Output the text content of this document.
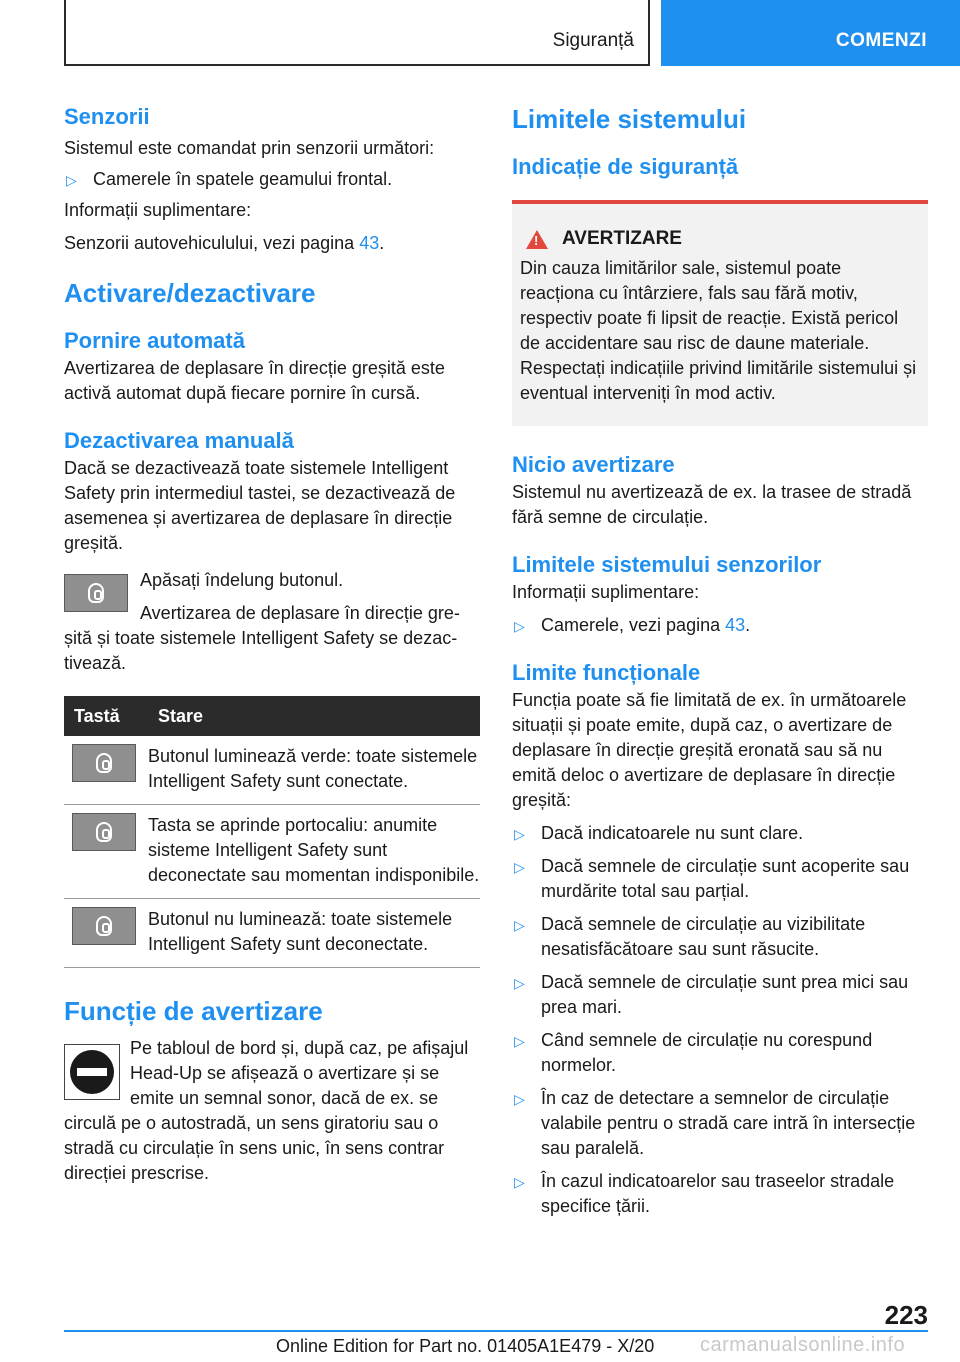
Siguranță	COMENZI
Senzorii

Sistemul este comandat prin senzorii următori:

▷ Camerele în spatele geamului frontal.

Informații suplimentare:

Senzorii autovehiculului, vezi pagina 43.

Activare/dezactivare
Pornire automată

Avertizarea de deplasare în direcție greșită este activă automat după fiecare pornire în cursă.

Dezactivarea manuală

Dacă se dezactivează toate sistemele Intelligent Safety prin intermediul tastei, se dezactivează de asemenea și avertizarea de deplasare în direcție greșită.

Apăsați îndelung butonul.

Avertizarea de deplasare în direcție gre-

șită și toate sistemele Intelligent Safety se dezac-

tivează.

Tastă	Stare

	Butonul luminează verde: toate sistemele Intelligent Safety sunt conectate.

	Tasta se aprinde portocaliu: anumite sisteme Intelligent Safety sunt deconectate sau momentan indisponibile.

	Butonul nu luminează: toate sistemele Intelligent Safety sunt deconectate.
Funcție de avertizare

Pe tabloul de bord și, după caz, pe afișajul Head-Up se afișează o avertizare și se emite un semnal sonor, dacă de ex. se

circulă pe o autostradă, un sens giratoriu sau o stradă cu circulație în sens unic, în sens contrar direcției prescrise.

Limitele sistemului
Indicație de siguranță
!
AVERTIZARE

Din cauza limitărilor sale, sistemul poate reacționa cu întârziere, fals sau fără motiv, respectiv poate fi lipsit de reacție. Există pericol de accidentare sau risc de daune materiale. Respectați indicațiile privind limitările sistemului și eventual interveniți în mod activ.

Nicio avertizare

Sistemul nu avertizează de ex. la trasee de stradă fără semne de circulație.

Limitele sistemului senzorilor

Informații suplimentare:

▷ Camerele, vezi pagina 43.
Limite funcționale

Funcția poate să fie limitată de ex. în următoarele situații și poate emite, după caz, o avertizare de deplasare în direcție greșită eronată sau să nu emită deloc o avertizare de deplasare în direcție greșită:

▷ Dacă indicatoarele nu sunt clare.
▷ Dacă semnele de circulație sunt acoperite sau murdărite total sau parțial.
▷ Dacă semnele de circulație au vizibilitate nesatisfăcătoare sau sunt răsucite.
▷ Dacă semnele de circulație sunt prea mici sau prea mari.
▷ Când semnele de circulație nu corespund normelor.
▷ În caz de detectare a semnelor de circulație valabile pentru o stradă care intră în intersecție sau paralelă.
▷ În cazul indicatoarelor sau traseelor stradale specifice țării.
223
Online Edition for Part no. 01405A1E479 - X/20 carmanualsonline.info
